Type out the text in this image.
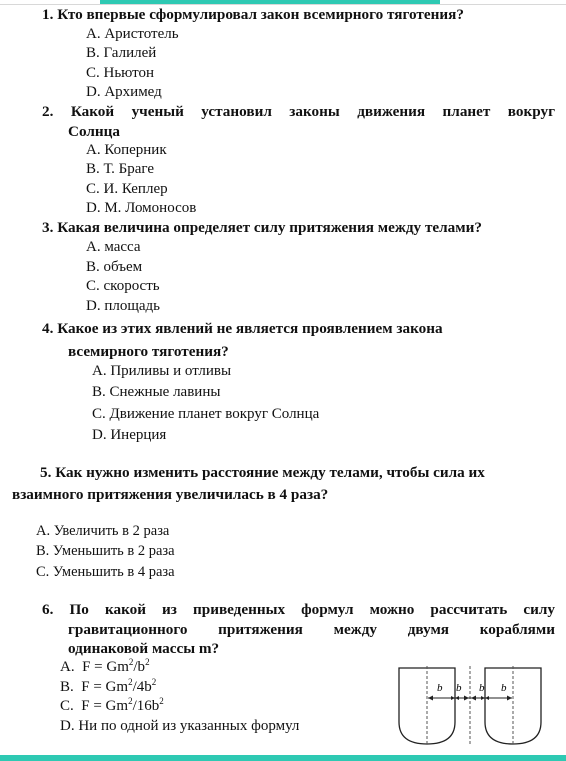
1. Кто впервые сформулировал закон всемирного тяготения?
A. Аристотель
B. Галилей
C. Ньютон
D. Архимед
2. Какой ученый установил законы движения планет вокруг
Солнца
A. Коперник
B. Т. Браге
C. И. Кеплер
D. М. Ломоносов
3. Какая величина определяет силу притяжения между телами?
A. масса
B. объем
C. скорость
D. площадь
4. Какое из этих явлений не является проявлением закона
всемирного тяготения?
A. Приливы и отливы
B. Снежные лавины
C. Движение планет вокруг Солнца
D. Инерция
5. Как нужно изменить расстояние между телами, чтобы сила их
взаимного притяжения увеличилась в 4 раза?
A. Увеличить в 2 раза
B. Уменьшить в 2 раза
C. Уменьшить в 4 раза
6. По какой из приведенных формул можно рассчитать силу
гравитационного притяжения между двумя кораблями
одинаковой массы m?
A.  $F = Gm^2/b^2$
B.  $F = Gm^2/4b^2$
C.  $F = Gm^2/16b^2$
D. Ни по одной из указанных формул
b b b b
